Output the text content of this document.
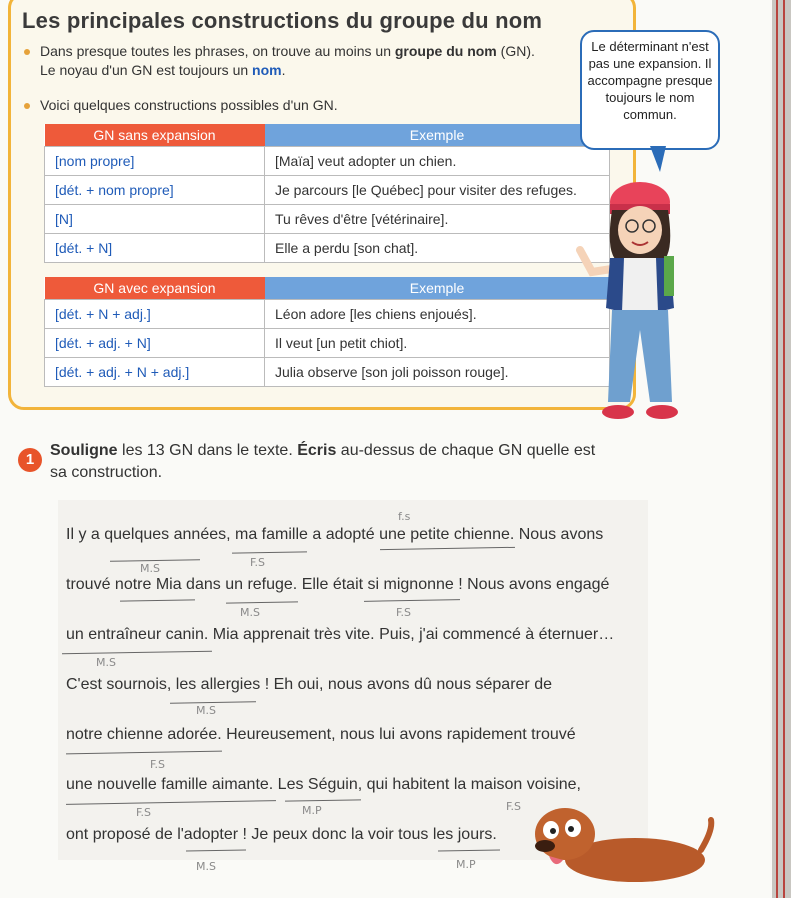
Les principales constructions du groupe du nom
Dans presque toutes les phrases, on trouve au moins un groupe du nom (GN).
Le noyau d'un GN est toujours un nom.
Voici quelques constructions possibles d'un GN.
GN sans expansion	Exemple
[nom propre]	[Maïa] veut adopter un chien.
[dét. + nom propre]	Je parcours [le Québec] pour visiter des refuges.
[N]	Tu rêves d'être [vétérinaire].
[dét. + N]	Elle a perdu [son chat].
GN avec expansion	Exemple
[dét. + N + adj.]	Léon adore [les chiens enjoués].
[dét. + adj. + N]	Il veut [un petit chiot].
[dét. + adj. + N + adj.]	Julia observe [son joli poisson rouge].
Le déterminant n'est pas une expansion. Il accompagne presque toujours le nom commun.
1
Souligne les 13 GN dans le texte. Écris au-dessus de chaque GN quelle est sa construction.
Il y a quelques années, ma famille a adopté une petite chienne. Nous avons
trouvé notre Mia dans un refuge. Elle était si mignonne ! Nous avons engagé
un entraîneur canin. Mia apprenait très vite. Puis, j'ai commencé à éternuer…
C'est sournois, les allergies ! Eh oui, nous avons dû nous séparer de
notre chienne adorée. Heureusement, nous lui avons rapidement trouvé
une nouvelle famille aimante. Les Séguin, qui habitent la maison voisine,
ont proposé de l'adopter ! Je peux donc la voir tous les jours.
f.s
M.S	F.S
M.S	F.S
M.S
M.S
F.S
F.S	M.P	F.S
M.S	M.P
